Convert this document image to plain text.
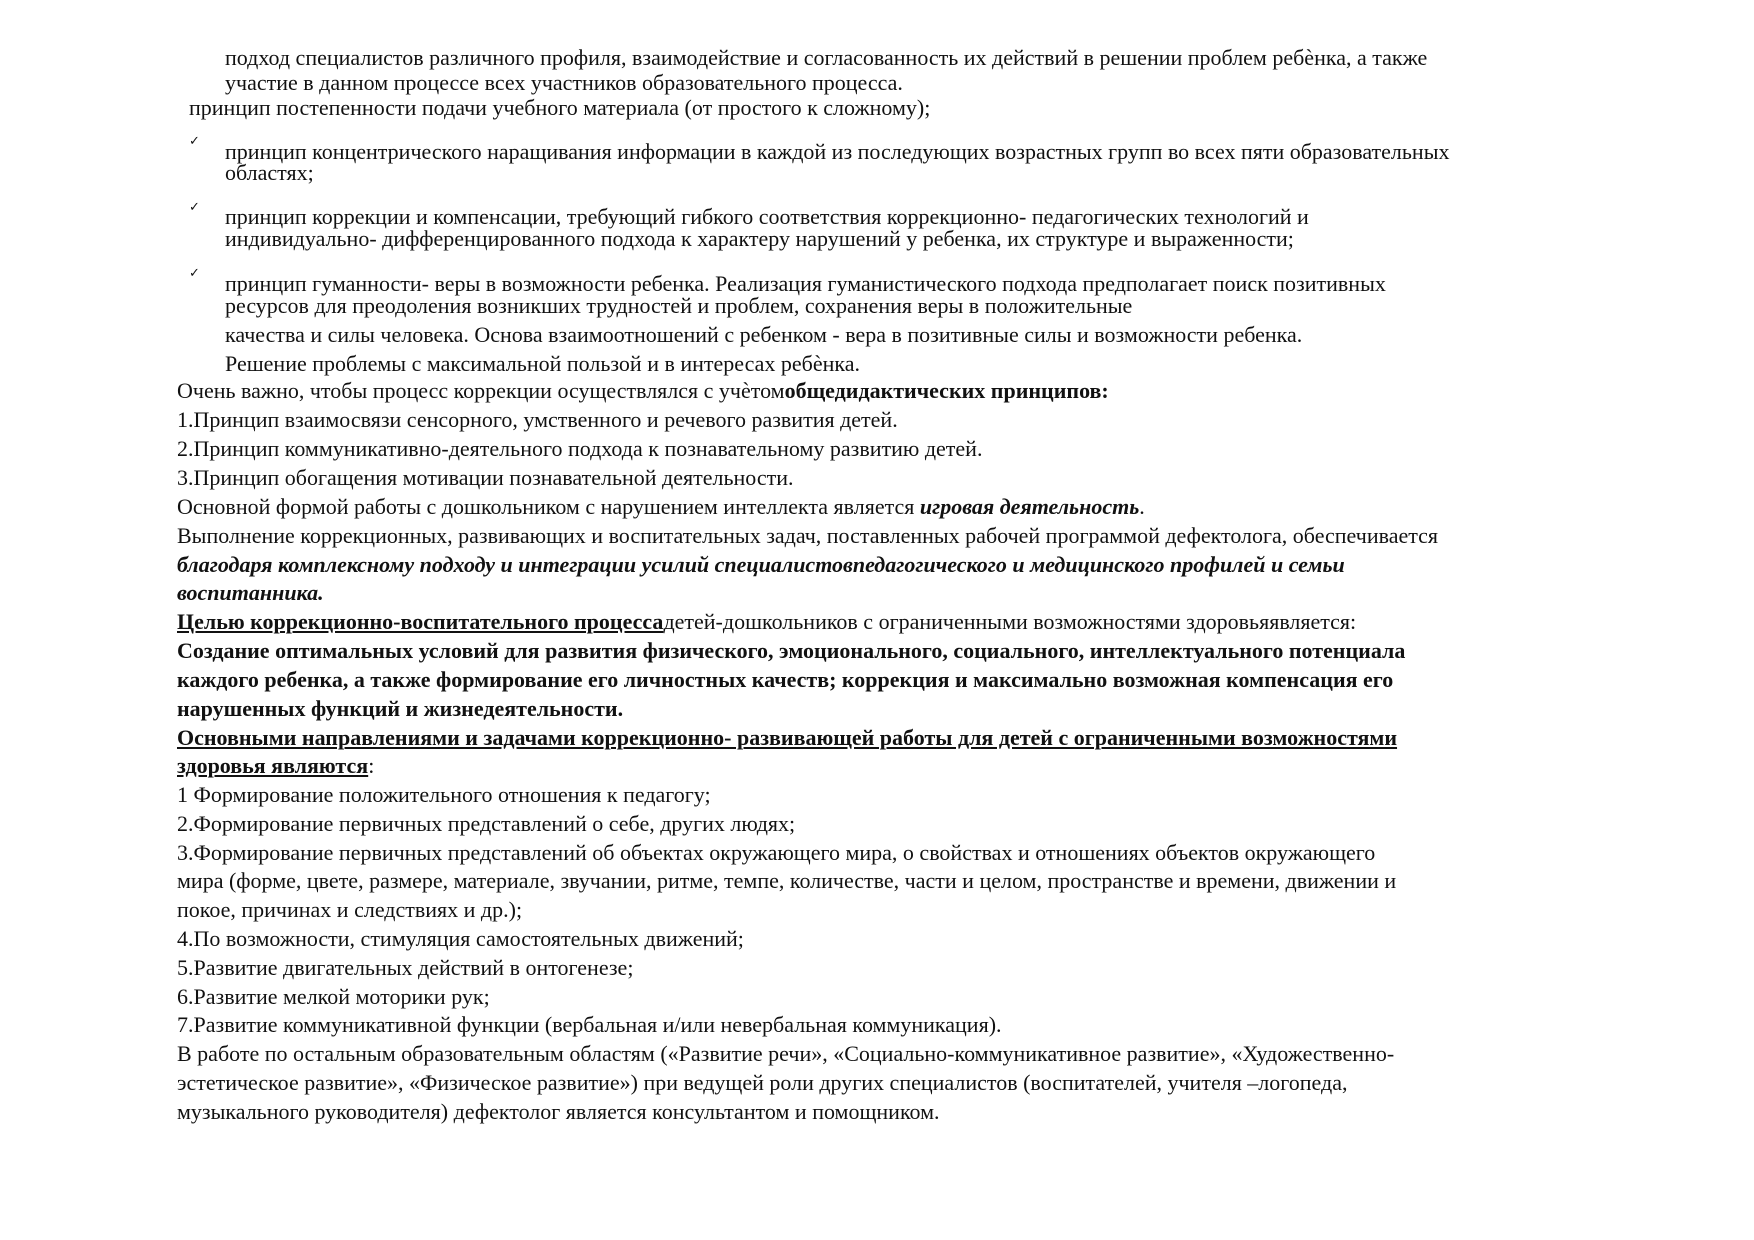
подход специалистов различного профиля, взаимодействие и согласованность их действий в решении проблем ребѐнка, а также
участие в данном процессе всех участников образовательного процесса.
принцип постепенности подачи учебного материала (от простого к сложному);
✓ принцип концентрического наращивания информации в каждой из последующих возрастных групп во всех пяти образовательных
областях;
✓ принцип коррекции и компенсации, требующий гибкого соответствия коррекционно- педагогических технологий и
индивидуально- дифференцированного подхода к характеру нарушений у ребенка, их структуре и выраженности;
✓ принцип гуманности- веры в возможности ребенка. Реализация гуманистического подхода предполагает поиск позитивных
ресурсов для преодоления возникших трудностей и проблем, сохранения веры в положительные
качества и силы человека. Основа взаимоотношений с ребенком - вера в позитивные силы и возможности ребенка.
Решение проблемы с максимальной пользой и в интересах ребѐнка.
Очень важно, чтобы процесс коррекции осуществлялся с учѐтомобщедидактических принципов:
1.Принцип взаимосвязи сенсорного, умственного и речевого развития детей.
2.Принцип коммуникативно-деятельного подхода к познавательному развитию детей.
3.Принцип обогащения мотивации познавательной деятельности.
Основной формой работы с дошкольником с нарушением интеллекта является игровая деятельность.
Выполнение коррекционных, развивающих и воспитательных задач, поставленных рабочей программой дефектолога, обеспечивается
благодаря комплексному подходу и интеграции усилий специалистовпедагогического и медицинского профилей и семьи
воспитанника.
Целью коррекционно-воспитательного процессадетей-дошкольников с ограниченными возможностями здоровьяявляется:
Создание оптимальных условий для развития физического, эмоционального, социального, интеллектуального потенциала
каждого ребенка, а также формирование его личностных качеств; коррекция и максимально возможная компенсация его
нарушенных функций и жизнедеятельности.
Основными направлениями и задачами коррекционно- развивающей работы для детей с ограниченными возможностями
здоровья являются:
1 Формирование положительного отношения к педагогу;
2.Формирование первичных представлений о себе, других людях;
3.Формирование первичных представлений об объектах окружающего мира, о свойствах и отношениях объектов окружающего
мира (форме, цвете, размере, материале, звучании, ритме, темпе, количестве, части и целом, пространстве и времени, движении и
покое, причинах и следствиях и др.);
4.По возможности, стимуляция самостоятельных движений;
5.Развитие двигательных действий в онтогенезе;
6.Развитие мелкой моторики рук;
7.Развитие коммуникативной функции (вербальная и/или невербальная коммуникация).
В работе по остальным образовательным областям («Развитие речи», «Социально-коммуникативное развитие», «Художественно-
эстетическое развитие», «Физическое развитие») при ведущей роли других специалистов (воспитателей, учителя –логопеда,
музыкального руководителя) дефектолог является консультантом и помощником.
